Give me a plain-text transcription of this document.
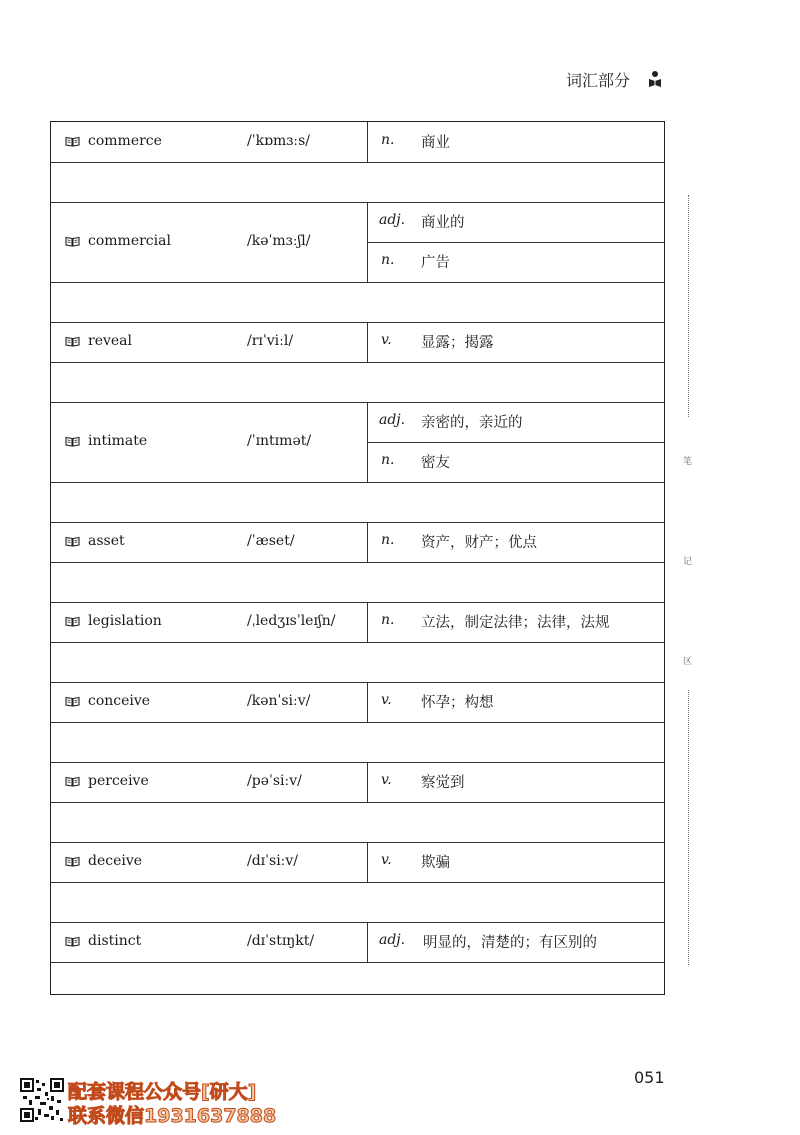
词汇部分
commerce	/ˈkɒmɜːs/	n. 商业
commercial	/kəˈmɜːʃl/
adj. 商业的
n. 广告
reveal	/rɪˈviːl/	v. 显露；揭露
intimate	/ˈɪntɪmət/
adj. 亲密的，亲近的
n. 密友
asset	/ˈæset/	n. 资产，财产；优点
legislation	/ˌledʒɪsˈleɪʃn/	n. 立法，制定法律；法律，法规
conceive	/kənˈsiːv/	v. 怀孕；构想
perceive	/pəˈsiːv/	v. 察觉到
deceive	/dɪˈsiːv/	v. 欺骗
distinct	/dɪˈstɪŋkt/	adj. 明显的，清楚的；有区别的
笔
记
区
051
配套课程公众号[研大]
联系微信1931637888
